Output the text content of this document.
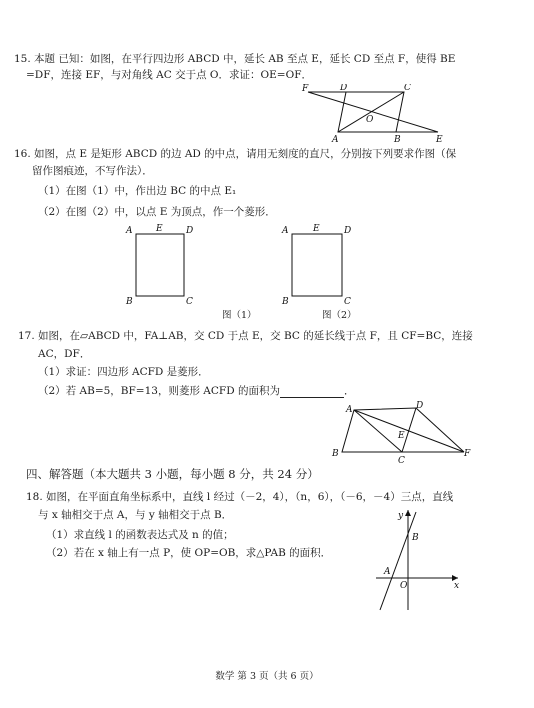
15. 本题 已知：如图，在平行四边形 ABCD 中，延长 AB 至点 E，延长 CD 至点 F，使得 BE
=DF，连接 EF，与对角线 AC 交于点 O．求证：OE=OF．
F	D	C
O
A	B	E
16. 如图，点 E 是矩形 ABCD 的边 AD 的中点，请用无刻度的直尺，分别按下列要求作图（保
留作图痕迹，不写作法）．
（1）在图（1）中，作出边 BC 的中点 E₁
（2）在图（2）中，以点 E 为顶点，作一个菱形．
A	E	D
B	C
图（1）
A	E	D
B	C
图（2）
17. 如图，在▱ABCD 中，FA⊥AB，交 CD 于点 E，交 BC 的延长线于点 F，且 CF=BC，连接
AC，DF．
（1）求证：四边形 ACFD 是菱形．
（2）若 AB=5，BF=13，则菱形 ACFD 的面积为	．
A	D
E
B
C
F
四、解答题（本大题共 3 小题，每小题 8 分，共 24 分）
18. 如图，在平面直角坐标系中，直线 l 经过（－2，4），（n，6），（－6，－4）三点，直线
与 x 轴相交于点 A，与 y 轴相交于点 B．
（1）求直线 l 的函数表达式及 n 的值；
（2）若在 x 轴上有一点 P，使 OP=OB，求△PAB 的面积．
y
B
A
O	x
数学 第 3 页（共 6 页）
